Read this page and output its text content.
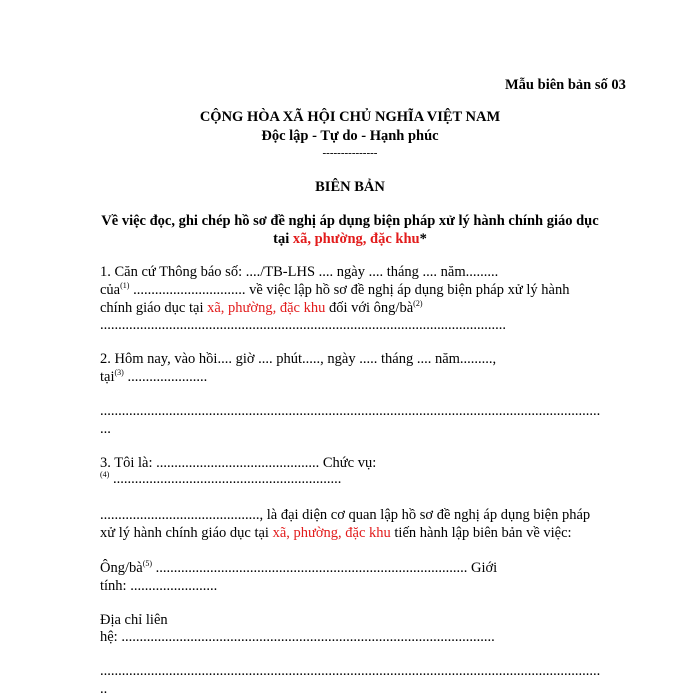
Mẫu biên bản số 03
CỘNG HÒA XÃ HỘI CHỦ NGHĨA VIỆT NAM
Độc lập - Tự do - Hạnh phúc
---------------
BIÊN BẢN
Về việc đọc, ghi chép hồ sơ đề nghị áp dụng biện pháp xử lý hành chính giáo dục
tại xã, phường, đặc khu*
1. Căn cứ Thông báo số: ..../TB-LHS .... ngày .... tháng .... năm.........
của$^{(1)}$ ............................... về việc lập hồ sơ đề nghị áp dụng biện pháp xử lý hành
chính giáo dục tại xã, phường, đặc khu đối với ông/$bà^{(2)}$
................................................................................................................
2. Hôm nay, vào hồi.... giờ .... phút....., ngày ..... tháng .... năm.........,
tại$^{(3)}$ ......................
..........................................................................................................................................
...
3. Tôi là: ............................................. Chức vụ:
$^{(4)}$ ...............................................................
............................................, là đại diện cơ quan lập hồ sơ đề nghị áp dụng biện pháp
xử lý hành chính giáo dục tại xã, phường, đặc khu tiến hành lập biên bản về việc:
Ông/$bà^{(5)}$ ...................................................................................... Giới
tính: ........................
Địa chỉ liên
hệ: .......................................................................................................
..........................................................................................................................................
..
